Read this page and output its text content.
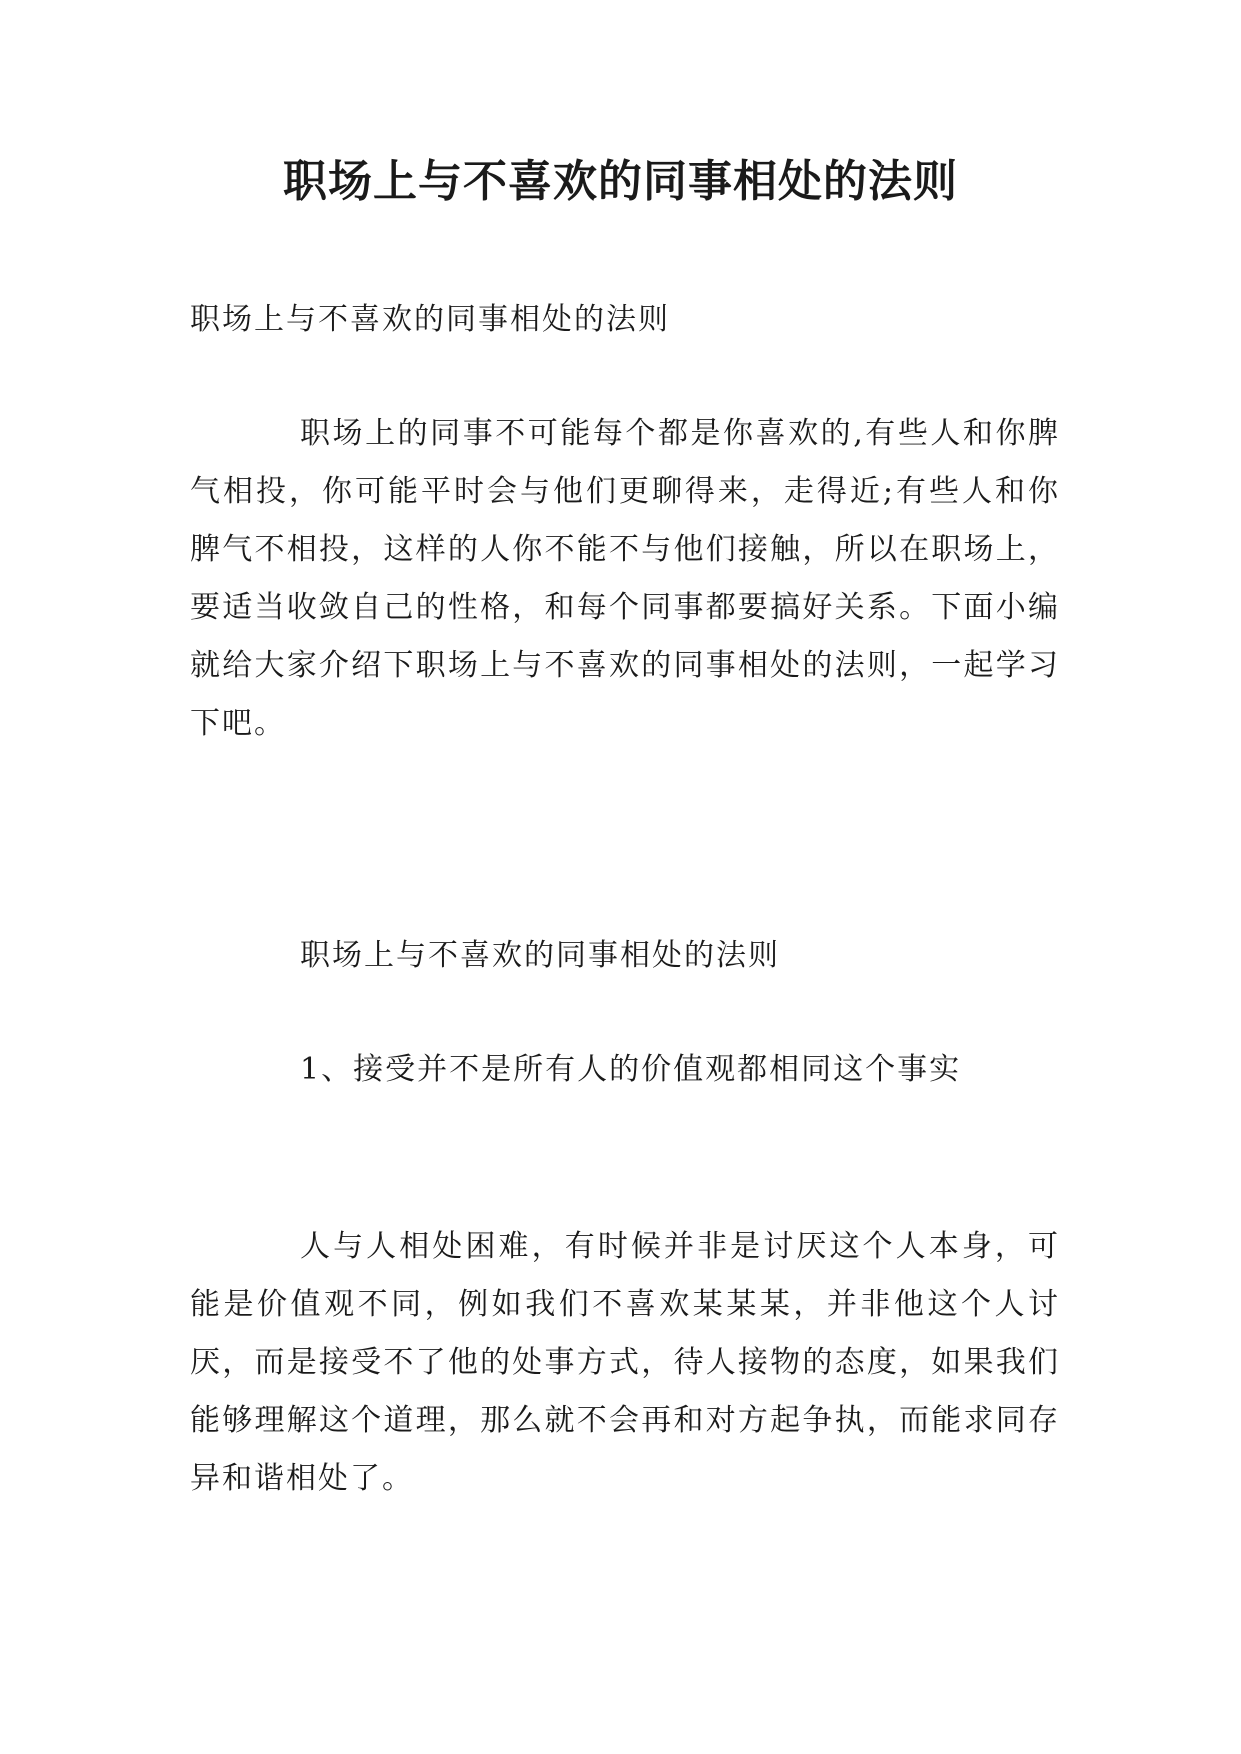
职场上与不喜欢的同事相处的法则

职场上与不喜欢的同事相处的法则

职场上的同事不可能每个都是你喜欢的,有些人和你脾气相投，你可能平时会与他们更聊得来，走得近;有些人和你脾气不相投，这样的人你不能不与他们接触，所以在职场上，要适当收敛自己的性格，和每个同事都要搞好关系。下面小编就给大家介绍下职场上与不喜欢的同事相处的法则，一起学习下吧。

职场上与不喜欢的同事相处的法则

1、接受并不是所有人的价值观都相同这个事实

人与人相处困难，有时候并非是讨厌这个人本身，可能是价值观不同，例如我们不喜欢某某某，并非他这个人讨厌，而是接受不了他的处事方式，待人接物的态度，如果我们能够理解这个道理，那么就不会再和对方起争执，而能求同存异和谐相处了。
